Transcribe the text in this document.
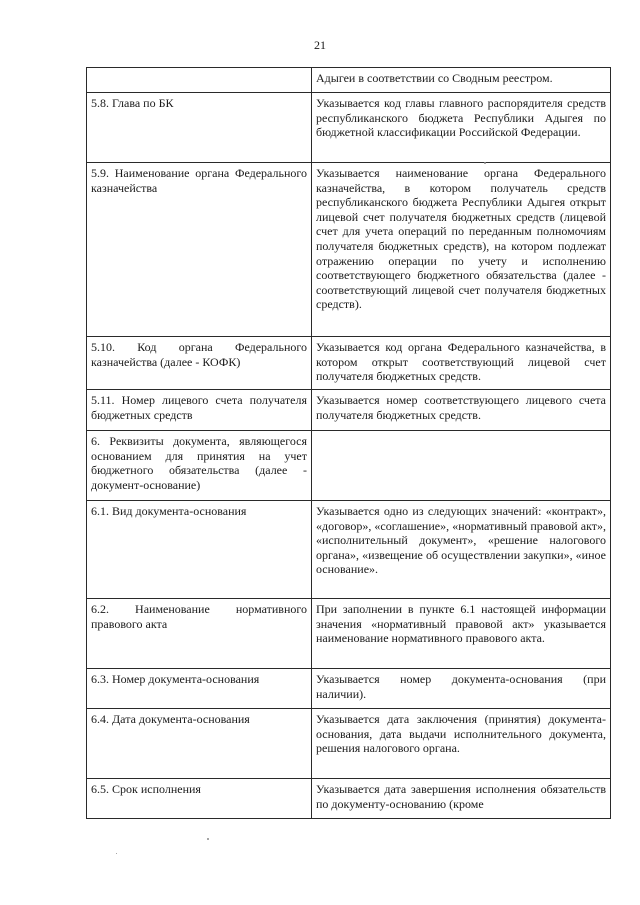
21
	Адыгеи в соответствии со Сводным реестром.
5.8. Глава по БК	Указывается код главы главного распорядителя средств республиканского бюджета Республики Адыгея по бюджетной классификации Российской Федерации.
5.9. Наименование органа Федерального казначейства	Указывается наименование органа Федерального казначейства, в котором получатель средств республиканского бюджета Республики Адыгея открыт лицевой счет получателя бюджетных средств (лицевой счет для учета операций по переданным полномочиям получателя бюджетных средств), на котором подлежат отражению операции по учету и исполнению соответствующего бюджетного обязательства (далее - соответствующий лицевой счет получателя бюджетных средств).
5.10. Код органа Федерального казначейства (далее - КОФК)	Указывается код органа Федерального казначейства, в котором открыт соответствующий лицевой счет получателя бюджетных средств.
5.11. Номер лицевого счета получателя бюджетных средств	Указывается номер соответствующего лицевого счета получателя бюджетных средств.
6. Реквизиты документа, являющегося основанием для принятия на учет бюджетного обязательства (далее - документ-основание)	
6.1. Вид документа-основания	Указывается одно из следующих значений: «контракт», «договор», «соглашение», «нормативный правовой акт», «исполнительный документ», «решение налогового органа», «извещение об осуществлении закупки», «иное основание».
6.2. Наименование нормативного правового акта	При заполнении в пункте 6.1 настоящей информации значения «нормативный правовой акт» указывается наименование нормативного правового акта.
6.3. Номер документа-основания	Указывается номер документа-основания (при наличии).
6.4. Дата документа-основания	Указывается дата заключения (принятия) документа-основания, дата выдачи исполнительного документа, решения налогового органа.
6.5. Срок исполнения	Указывается дата завершения исполнения обязательств по документу-основанию (кроме
